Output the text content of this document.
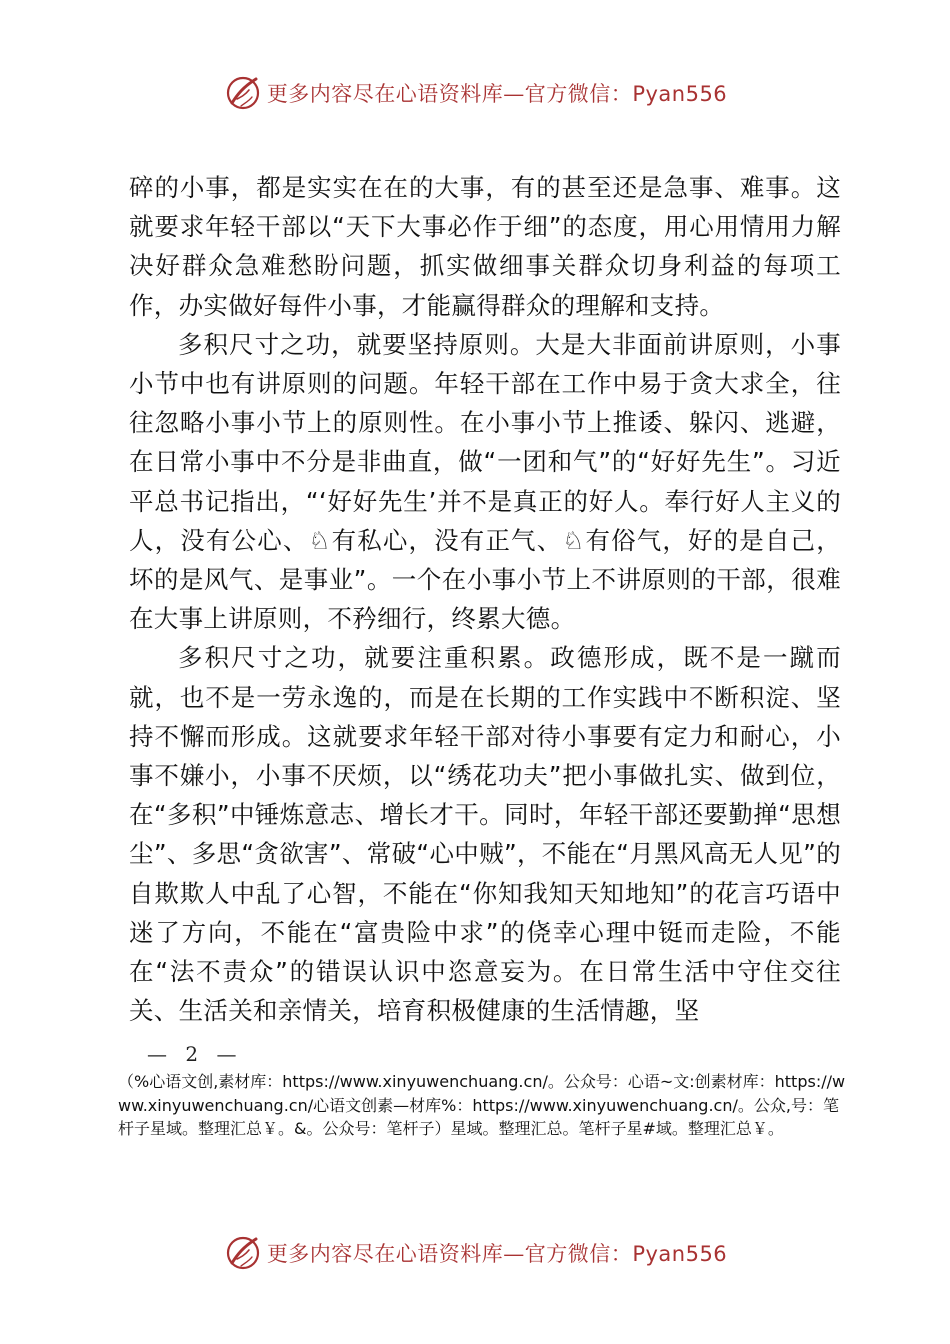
更多内容尽在心语资料库—官方微信：Pyan556

碎的小事，都是实实在在的大事，有的甚至还是急事、难事。这就要求年轻干部以“天下大事必作于细”的态度，用心用情用力解决好群众急难愁盼问题，抓实做细事关群众切身利益的每项工作，办实做好每件小事，才能赢得群众的理解和支持。

多积尺寸之功，就要坚持原则。大是大非面前讲原则，小事小节中也有讲原则的问题。年轻干部在工作中易于贪大求全，往往忽略小事小节上的原则性。在小事小节上推诿、躲闪、逃避， 在日常小事中不分是非曲直，做“一团和气”的“好好先生”。习近平总书记指出，“‘好好先生’并不是真正的好人。奉行好人主义的人，没有公心、♘有私心，没有正气、♘有俗气，好的是自己，坏的是风气、是事业”。一个在小事小节上不讲原则的干部，很难在大事上讲原则，不矜细行，终累大德。

多积尺寸之功，就要注重积累。政德形成，既不是一蹴而就，也不是一劳永逸的，而是在长期的工作实践中不断积淀、坚持不懈而形成。这就要求年轻干部对待小事要有定力和耐心，小事不嫌小，小事不厌烦，以“绣花功夫”把小事做扎实、做到位，在“多积”中锤炼意志、增长才干。同时，年轻干部还要勤掸“思想尘”、多思“贪欲害”、常破“心中贼”，不能在“月黑风高无人见”的自欺欺人中乱了心智，不能在“你知我知天知地知”的花言巧语中迷了方向，不能在“富贵险中求”的侥幸心理中铤而走险，不能在“法不责众”的错误认识中恣意妄为。在日常生活中守住交往关、生活关和亲情关，培育积极健康的生活情趣，坚

— 2 —
（%心语文创,素材库：https://www.xinyuwenchuang.cn/。公众号：心语~文:创素材库：https://www.xinyuwenchuang.cn/心语文创素—材库%：https://www.xinyuwenchuang.cn/。公众,号：笔杆子星域。整理汇总￥。&。公众号：笔杆子）星域。整理汇总。笔杆子星#域。整理汇总￥。
更多内容尽在心语资料库—官方微信：Pyan556
